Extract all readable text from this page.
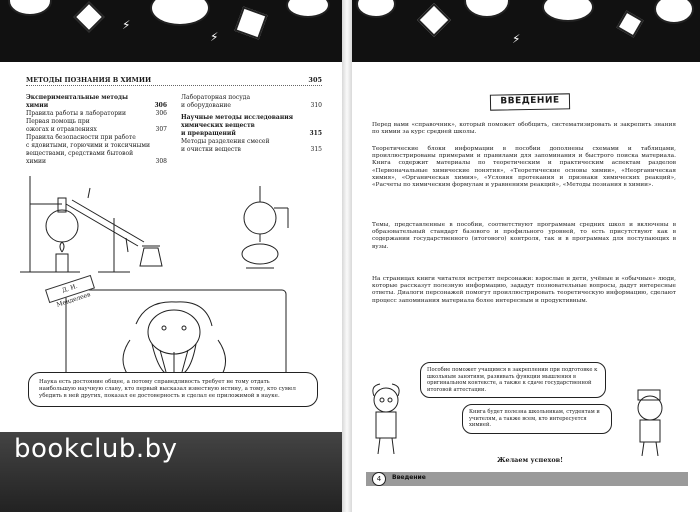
⚡
⚡	⚡
МЕТОДЫ ПОЗНАНИЯ В ХИМИИ	305
Экспериментальные методы
химии	306
Правила работы в лаборатории	306
Первая помощь при
ожогах и отравлениях	307
Правила безопасности при работе
с ядовитыми, горючими и токсичными
веществами, средствами бытовой
химии	308
Лабораторная посуда
и оборудование	310
Научные методы исследования
химических веществ
и превращений	315
Методы разделения смесей
и очистки веществ	315
Д. И. Менделеев
Наука есть достояние общее, а потому справедливость требует не тому отдать наибольшую научную славу, кто первый высказал известную истину, а тому, кто сумел убедить в ней других, показал ее достоверность и сделал ее приложимой в науке.
bookclub.by
ВВЕДЕНИЕ

Перед вами «справочник», который поможет обобщить, систематизировать и закрепить знания по химии за курс средней школы.

Теоретические блоки информации в пособии дополнены схемами и таблицами, проиллюстрированы примерами и правилами для запоминания и быстрого поиска материала. Книга содержит материалы по теоретическим и практическим аспектам разделов «Первоначальные химические понятия», «Теоретические основы химии», «Неорганическая химия», «Органическая химия», «Условия протекания и признаки химических реакций», «Расчеты по химическим формулам и уравнениям реакций», «Методы познания в химии».

Темы, представленные в пособии, соответствуют программам средних школ и включены в образовательный стандарт базового и профильного уровней, то есть присутствуют как в содержании государственного (итогового) контроля, так и в программах для поступающих в вузы.

На страницах книги читателя встретят персонажи: взрослые и дети, учёные и «обычные» люди, которые рассказут полезную информацию, зададут позновательные вопросы, дадут интересные ответы. Диалоги персонажей помогут проиллюстрировать теоретическую информацию, сделают процесс запоминания материала более интересным и продуктивным.

Пособие поможет учащимся в закреплении при подготовке к школьным занятиям, развивать функции мышления в оригинальном контексте, а также к сдаче государственной итоговой аттестации.
Книга будет полезна школьникам, студентам и учителям, а также всем, кто интересуется химией.
Желаем успехов!
4	Введение
